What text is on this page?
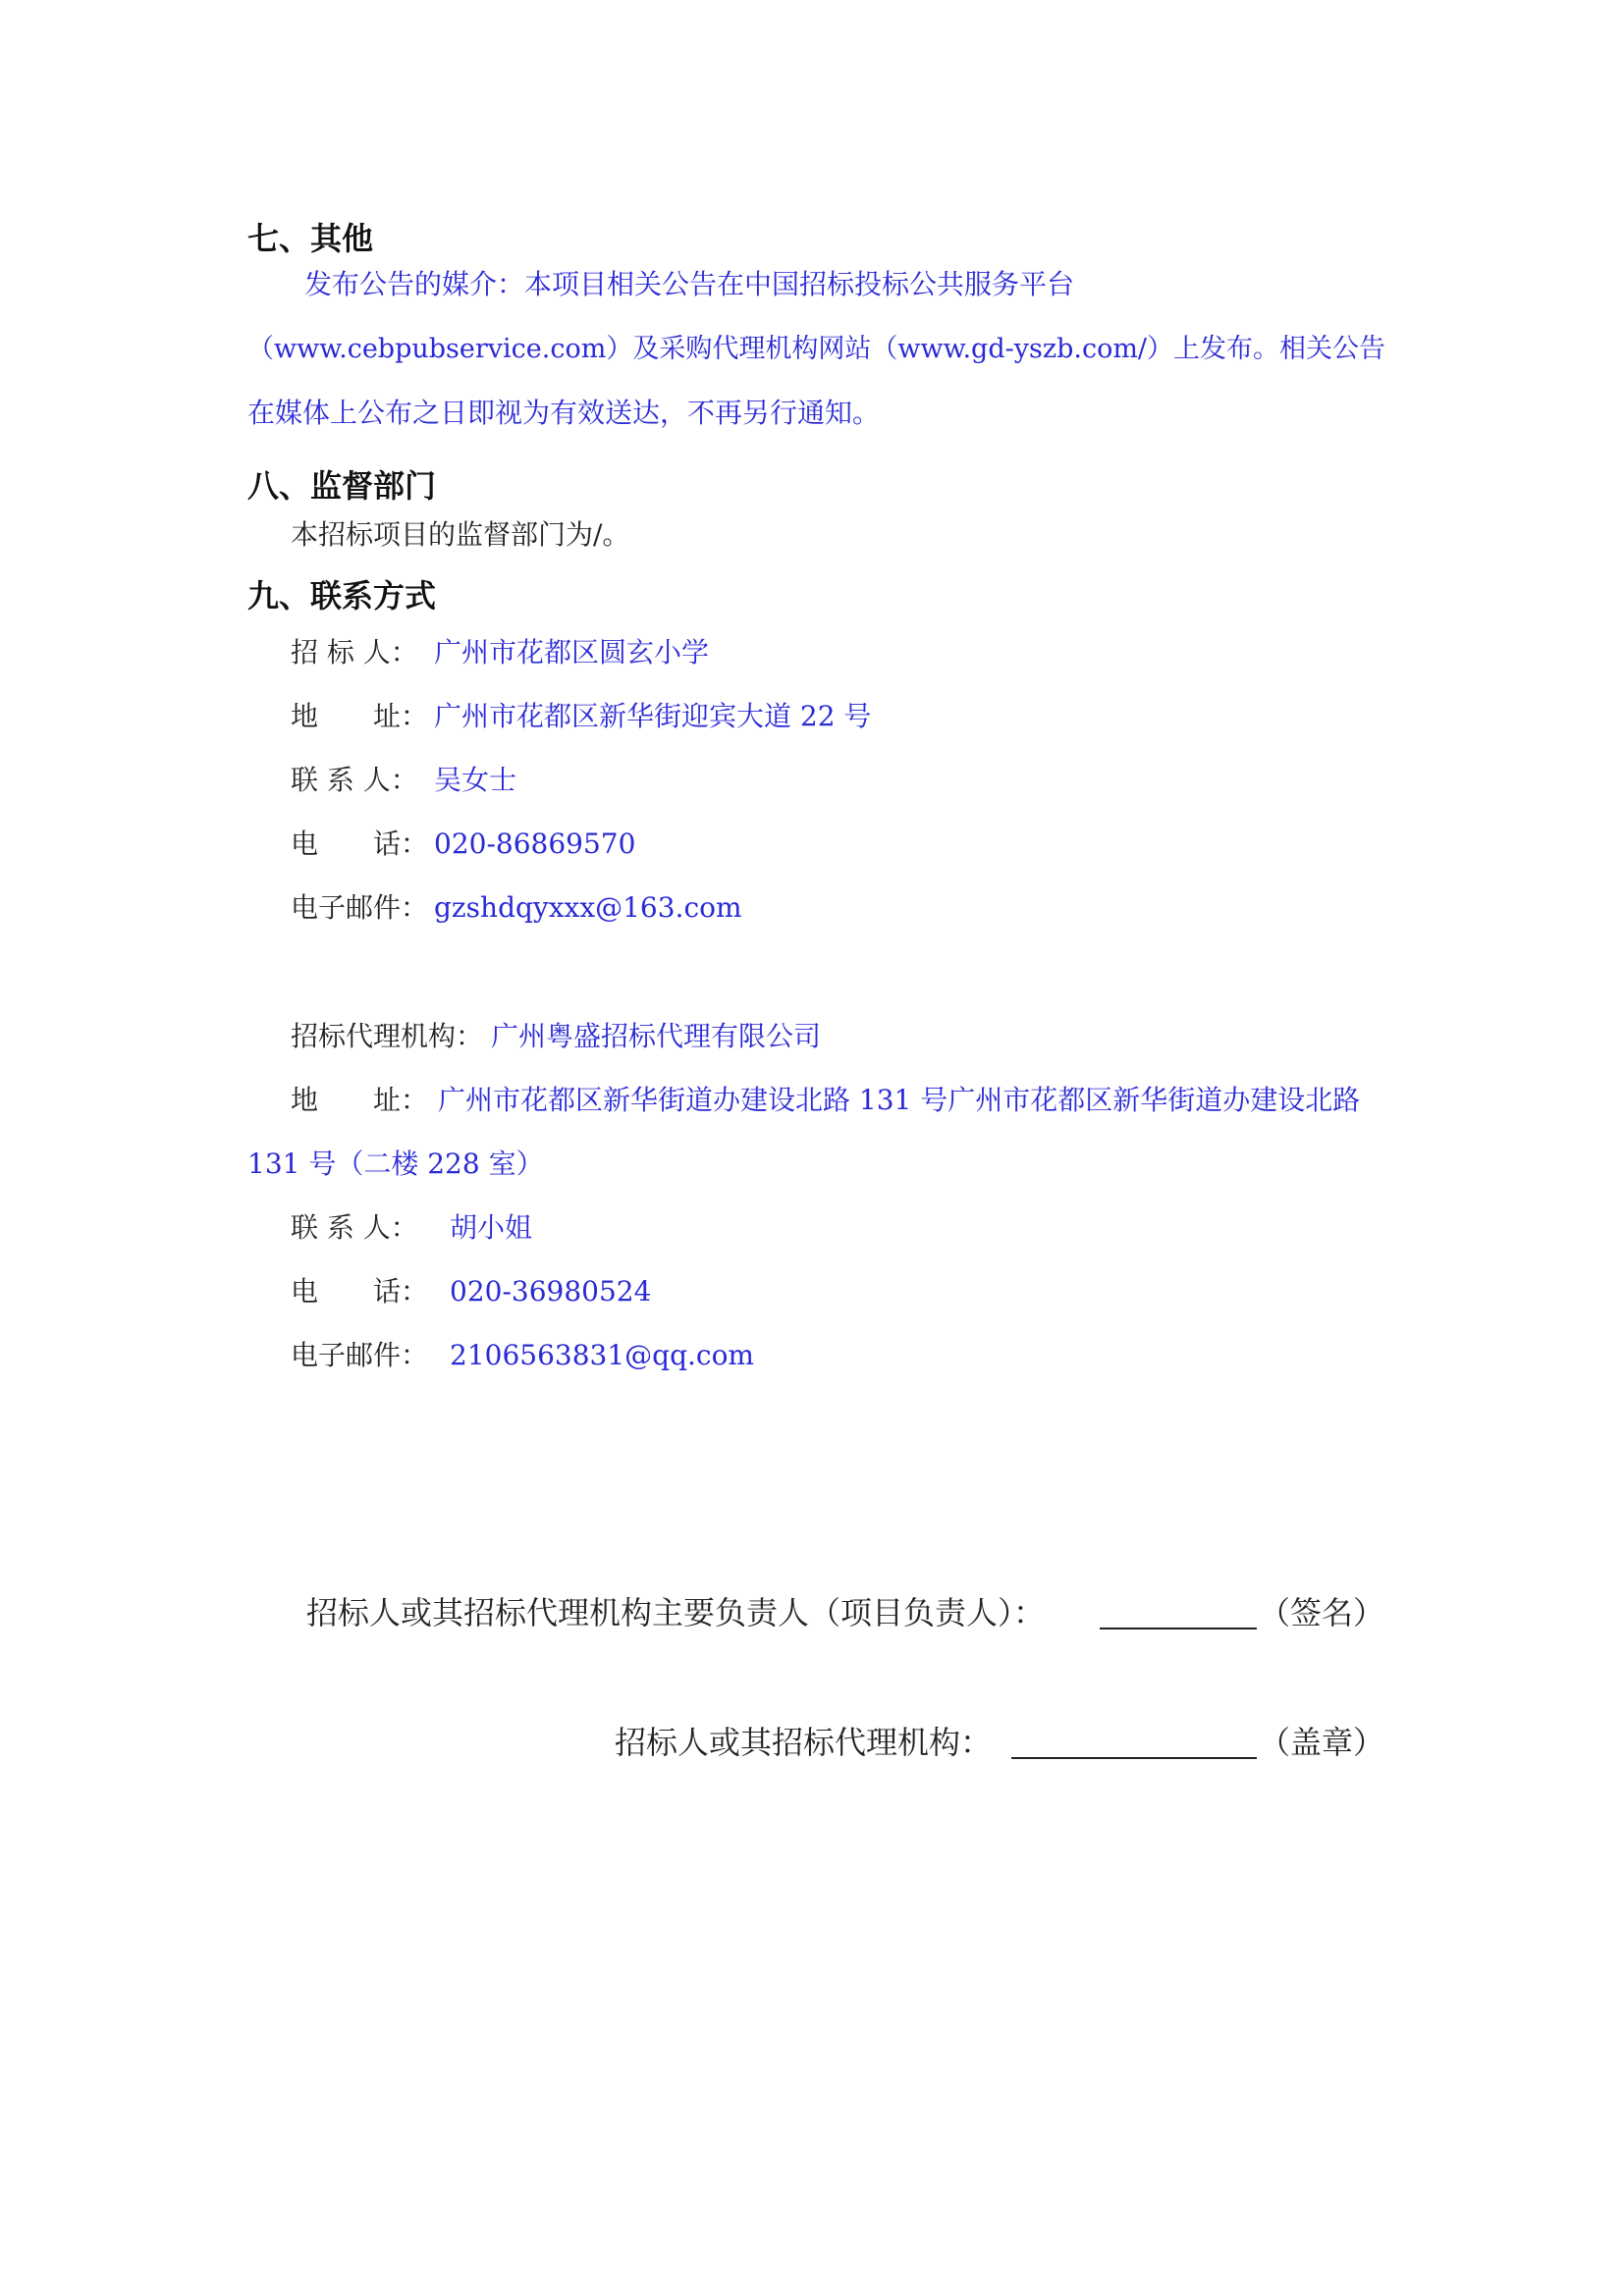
七、其他
发布公告的媒介：本项目相关公告在中国招标投标公共服务平台
（www.cebpubservice.com）及采购代理机构网站（www.gd-yszb.com/）上发布。相关公告
在媒体上公布之日即视为有效送达，不再另行通知。
八、监督部门
本招标项目的监督部门为/。
九、联系方式
招 标 人： 广州市花都区圆玄小学
地　　址： 广州市花都区新华街迎宾大道 22 号
联 系 人： 吴女士
电　　话： 020-86869570
电子邮件： gzshdqyxxx@163.com
招标代理机构： 广州粤盛招标代理有限公司
地　　址： 广州市花都区新华街道办建设北路 131 号广州市花都区新华街道办建设北路
131 号（二楼 228 室）
联 系 人： 胡小姐
电　　话： 020-36980524
电子邮件： 2106563831@qq.com
招标人或其招标代理机构主要负责人（项目负责人）：	（签名）
招标人或其招标代理机构：	（盖章）
